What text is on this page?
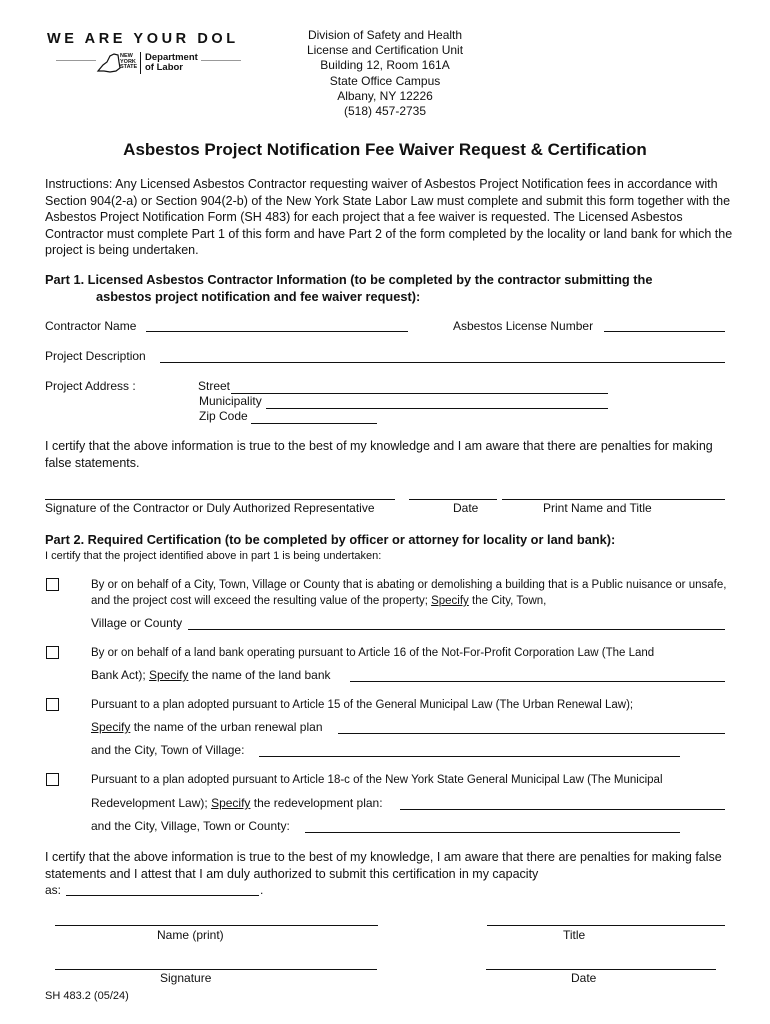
WE ARE YOUR DOL
NEW
YORK
STATE
Department
of Labor
Division of Safety and Health
License and Certification Unit
Building 12, Room 161A
State Office Campus
Albany, NY 12226
(518) 457-2735
Asbestos Project Notification Fee Waiver Request & Certification
Instructions: Any Licensed Asbestos Contractor requesting waiver of Asbestos Project Notification fees in accordance with Section 904(2-a) or Section 904(2-b) of the New York State Labor Law must complete and submit this form together with the Asbestos Project Notification Form (SH 483) for each project that a fee waiver is requested. The Licensed Asbestos Contractor must complete Part 1 of this form and have Part 2 of the form completed by the locality or land bank for which the project is being undertaken.
Part 1. Licensed Asbestos Contractor Information (to be completed by the contractor submitting the
asbestos project notification and fee waiver request):
Contractor Name	Asbestos License Number
Project Description
Project Address :	Street
Municipality
Zip Code
I certify that the above information is true to the best of my knowledge and I am aware that there are penalties for making false statements.
Signature of the Contractor or Duly Authorized Representative	Date	Print Name and Title
Part 2. Required Certification (to be completed by officer or attorney for locality or land bank):
I certify that the project identified above in part 1 is being undertaken:
By or on behalf of a City, Town, Village or County that is abating or demolishing a building that is a Public nuisance or unsafe, and the project cost will exceed the resulting value of the property; Specify the City, Town,
Village or County
By or on behalf of a land bank operating pursuant to Article 16 of the Not-For-Profit Corporation Law (The Land
Bank Act); Specify the name of the land bank
Pursuant to a plan adopted pursuant to Article 15 of the General Municipal Law (The Urban Renewal Law);
Specify the name of the urban renewal plan
and the City, Town of Village:
Pursuant to a plan adopted pursuant to Article 18-c of the New York State General Municipal Law (The Municipal
Redevelopment Law); Specify the redevelopment plan:
and the City, Village, Town or County:
I certify that the above information is true to the best of my knowledge, I am aware that there are penalties for making false statements and I attest that I am duly authorized to submit this certification in my capacity
as:	.
Name (print)	Title
Signature	Date
SH 483.2 (05/24)
